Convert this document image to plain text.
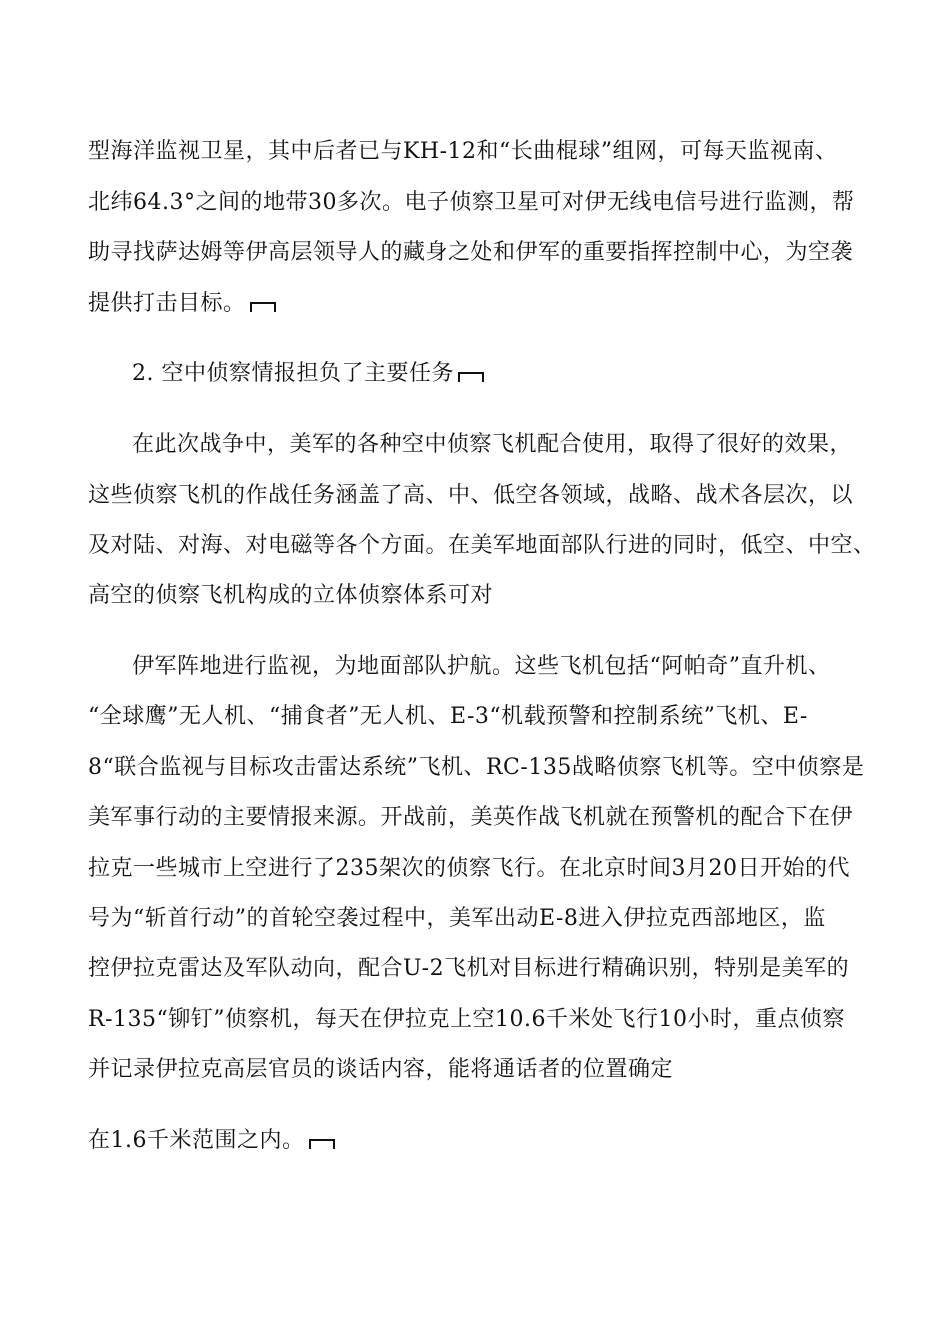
型海洋监视卫星，其中后者已与KH-12和“长曲棍球”组网，可每天监视南、
北纬64.3°之间的地带30多次。电子侦察卫星可对伊无线电信号进行监测，帮
助寻找萨达姆等伊高层领导人的藏身之处和伊军的重要指挥控制中心，为空袭
提供打击目标。
2. 空中侦察情报担负了主要任务
在此次战争中，美军的各种空中侦察飞机配合使用，取得了很好的效果，
这些侦察飞机的作战任务涵盖了高、中、低空各领域，战略、战术各层次，以
及对陆、对海、对电磁等各个方面。在美军地面部队行进的同时，低空、中空、
高空的侦察飞机构成的立体侦察体系可对
伊军阵地进行监视，为地面部队护航。这些飞机包括“阿帕奇”直升机、
“全球鹰”无人机、“捕食者”无人机、E-3“机载预警和控制系统”飞机、E-
8“联合监视与目标攻击雷达系统”飞机、RC-135战略侦察飞机等。空中侦察是
美军事行动的主要情报来源。开战前，美英作战飞机就在预警机的配合下在伊
拉克一些城市上空进行了235架次的侦察飞行。在北京时间3月20日开始的代
号为“斩首行动”的首轮空袭过程中，美军出动E-8进入伊拉克西部地区，监
控伊拉克雷达及军队动向，配合U-2飞机对目标进行精确识别，特别是美军的
R-135“铆钉”侦察机，每天在伊拉克上空10.6千米处飞行10小时，重点侦察
并记录伊拉克高层官员的谈话内容，能将通话者的位置确定
在1.6千米范围之内。
